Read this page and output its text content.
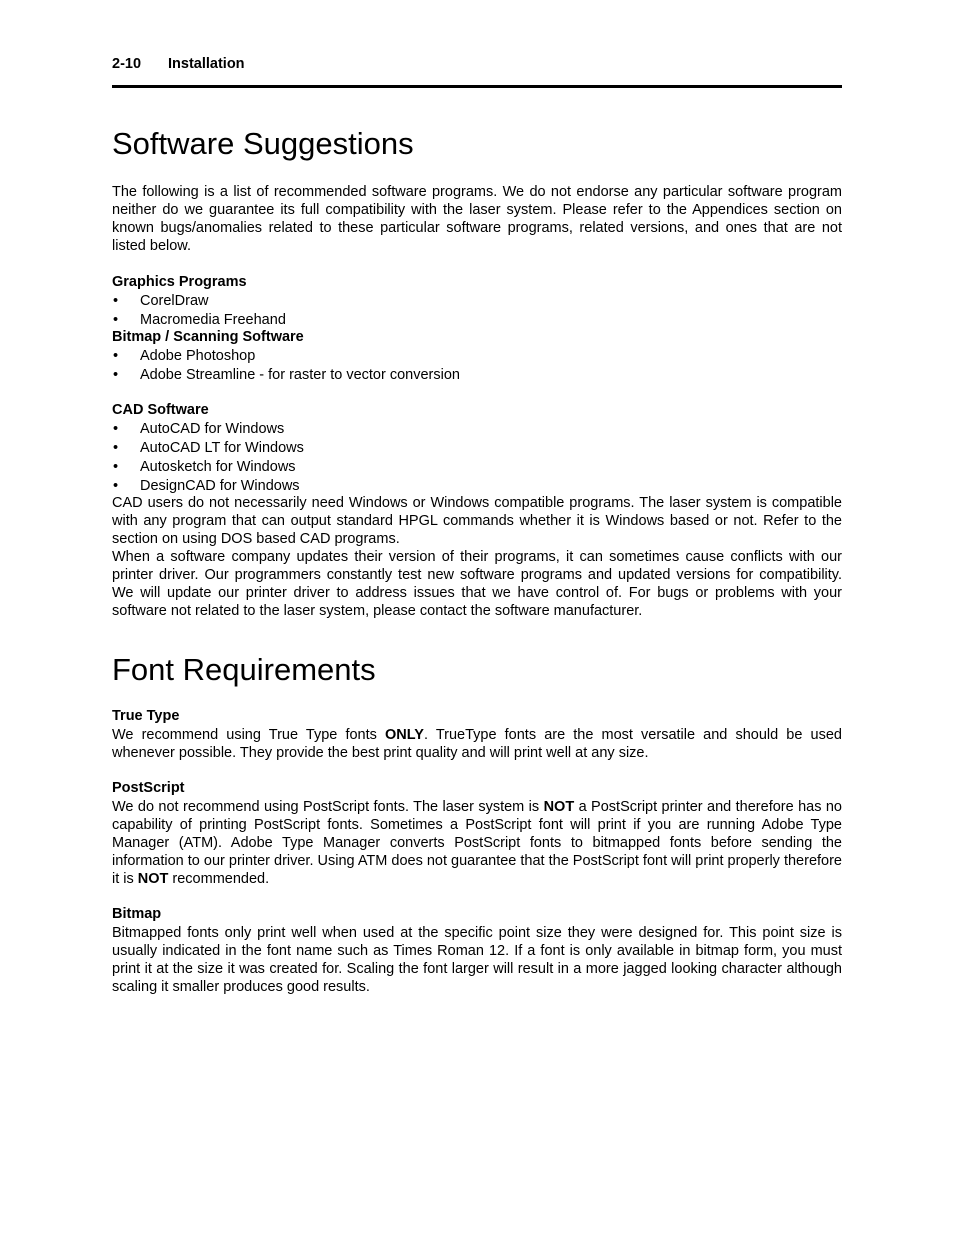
2-10 Installation
Software Suggestions

The following is a list of recommended software programs. We do not endorse any particular software program neither do we guarantee its full compatibility with the laser system. Please refer to the Appendices section on known bugs/anomalies related to these particular software programs, related versions, and ones that are not listed below.

Graphics Programs
• CorelDraw
• Macromedia Freehand
Bitmap / Scanning Software
• Adobe Photoshop
• Adobe Streamline - for raster to vector conversion
CAD Software
• AutoCAD for Windows
• AutoCAD LT for Windows
• Autosketch for Windows
• DesignCAD for Windows

CAD users do not necessarily need Windows or Windows compatible programs. The laser system is compatible with any program that can output standard HPGL commands whether it is Windows based or not. Refer to the section on using DOS based CAD programs.

When a software company updates their version of their programs, it can sometimes cause conflicts with our printer driver. Our programmers constantly test new software programs and updated versions for compatibility. We will update our printer driver to address issues that we have control of. For bugs or problems with your software not related to the laser system, please contact the software manufacturer.

Font Requirements
True Type

We recommend using True Type fonts ONLY. TrueType fonts are the most versatile and should be used whenever possible. They provide the best print quality and will print well at any size.

PostScript

We do not recommend using PostScript fonts. The laser system is NOT a PostScript printer and therefore has no capability of printing PostScript fonts. Sometimes a PostScript font will print if you are running Adobe Type Manager (ATM). Adobe Type Manager converts PostScript fonts to bitmapped fonts before sending the information to our printer driver. Using ATM does not guarantee that the PostScript font will print properly therefore it is NOT recommended.

Bitmap

Bitmapped fonts only print well when used at the specific point size they were designed for. This point size is usually indicated in the font name such as Times Roman 12. If a font is only available in bitmap form, you must print it at the size it was created for. Scaling the font larger will result in a more jagged looking character although scaling it smaller produces good results.
